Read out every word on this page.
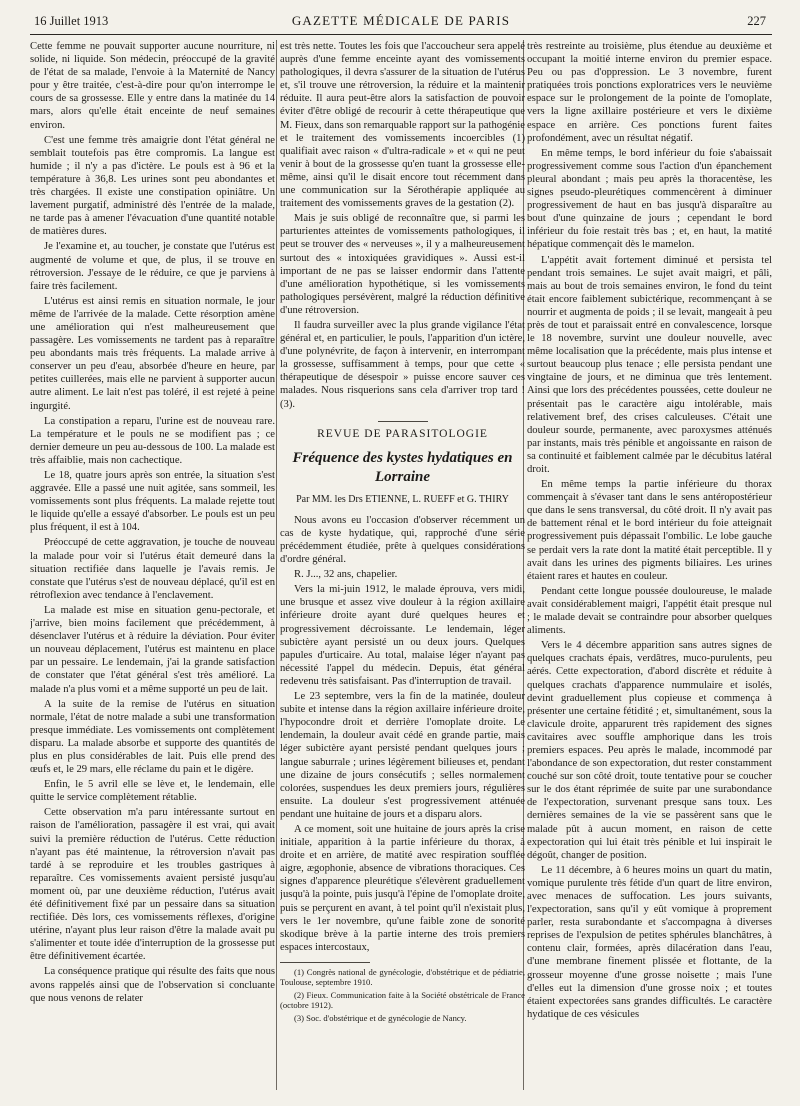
16 Juillet 1913	GAZETTE MÉDICALE DE PARIS	227

Cette femme ne pouvait supporter aucune nourriture, ni solide, ni liquide. Son médecin, préoccupé de la gravité de l'état de sa malade, l'envoie à la Maternité de Nancy pour y être traitée, c'est-à-dire pour qu'on interrompe le cours de sa grossesse. Elle y entre dans la matinée du 14 mars, alors qu'elle était enceinte de neuf semaines environ.

C'est une femme très amaigrie dont l'état général ne semblait toutefois pas être compromis. La langue est humide ; il n'y a pas d'ictère. Le pouls est à 96 et la température à 36,8. Les urines sont peu abondantes et très chargées. Il existe une constipation opiniâtre. Un lavement purgatif, administré dès l'entrée de la malade, ne tarde pas à amener l'évacuation d'une quantité notable de matières dures.

Je l'examine et, au toucher, je constate que l'utérus est augmenté de volume et que, de plus, il se trouve en rétroversion. J'essaye de le réduire, ce que je parviens à faire très facilement.

L'utérus est ainsi remis en situation normale, le jour même de l'arrivée de la malade. Cette résorption amène une amélioration qui n'est malheureusement que passagère. Les vomissements ne tardent pas à reparaître peu abondants mais très fréquents. La malade arrive à conserver un peu d'eau, absorbée d'heure en heure, par petites cuillerées, mais elle ne parvient à supporter aucun autre aliment. Le lait n'est pas toléré, il est rejeté à peine ingurgité.

La constipation a reparu, l'urine est de nouveau rare. La température et le pouls ne se modifient pas ; ce dernier demeure un peu au-dessous de 100. La malade est très affaiblie, mais non cachectique.

Le 18, quatre jours après son entrée, la situation s'est aggravée. Elle a passé une nuit agitée, sans sommeil, les vomissements sont plus fréquents. La malade rejette tout le liquide qu'elle a essayé d'absorber. Le pouls est un peu plus fréquent, il est à 104.

Préoccupé de cette aggravation, je touche de nouveau la malade pour voir si l'utérus était demeuré dans la situation rectifiée dans laquelle je l'avais remis. Je constate que l'utérus s'est de nouveau déplacé, qu'il est en rétroflexion avec tendance à l'enclavement.

La malade est mise en situation genu-pectorale, et j'arrive, bien moins facilement que précédemment, à désenclaver l'utérus et à réduire la déviation. Pour éviter un nouveau déplacement, l'utérus est maintenu en place par un pessaire. Le lendemain, j'ai la grande satisfaction de constater que l'état général s'est très amélioré. La malade n'a plus vomi et a même supporté un peu de lait.

A la suite de la remise de l'utérus en situation normale, l'état de notre malade a subi une transformation presque immédiate. Les vomissements ont complètement disparu. La malade absorbe et supporte des quantités de plus en plus considérables de lait. Puis elle prend des œufs et, le 29 mars, elle réclame du pain et le digère.

Enfin, le 5 avril elle se lève et, le lendemain, elle quitte le service complètement rétablie.

Cette observation m'a paru intéressante surtout en raison de l'amélioration, passagère il est vrai, qui avait suivi la première réduction de l'utérus. Cette réduction n'ayant pas été maintenue, la rétroversion n'avait pas tardé à se reproduire et les troubles gastriques à reparaître. Ces vomissements avaient persisté jusqu'au moment où, par une deuxième réduction, l'utérus avait été définitivement fixé par un pessaire dans sa situation rectifiée. Dès lors, ces vomissements réflexes, d'origine utérine, n'ayant plus leur raison d'être la malade avait pu s'alimenter et toute idée d'interruption de la grossesse put être définitivement écartée.

La conséquence pratique qui résulte des faits que nous avons rappelés ainsi que de l'observation si concluante que nous venons de relater

est très nette. Toutes les fois que l'accoucheur sera appelé auprès d'une femme enceinte ayant des vomissements pathologiques, il devra s'assurer de la situation de l'utérus et, s'il trouve une rétroversion, la réduire et la maintenir réduite. Il aura peut-être alors la satisfaction de pouvoir éviter d'être obligé de recourir à cette thérapeutique que M. Fieux, dans son remarquable rapport sur la pathogénie et le traitement des vomissements incoercibles (1) qualifiait avec raison « d'ultra-radicale » et « qui ne peut venir à bout de la grossesse qu'en tuant la grossesse elle-même, ainsi qu'il le disait encore tout récemment dans une communication sur la Sérothérapie appliquée au traitement des vomissements graves de la gestation (2).

Mais je suis obligé de reconnaître que, si parmi les parturientes atteintes de vomissements pathologiques, il peut se trouver des « nerveuses », il y a malheureusement surtout des « intoxiquées gravidiques ». Aussi est-il important de ne pas se laisser endormir dans l'attente d'une amélioration hypothétique, si les vomissements pathologiques persévèrent, malgré la réduction définitive d'une rétroversion.

Il faudra surveiller avec la plus grande vigilance l'état général et, en particulier, le pouls, l'apparition d'un ictère, d'une polynévrite, de façon à intervenir, en interrompant la grossesse, suffisamment à temps, pour que cette « thérapeutique de désespoir » puisse encore sauver ces malades. Nous risquerions sans cela d'arriver trop tard ! (3).

REVUE DE PARASITOLOGIE
Fréquence des kystes hydatiques en Lorraine
Par MM. les Drs ETIENNE, L. RUEFF et G. THIRY

Nous avons eu l'occasion d'observer récemment un cas de kyste hydatique, qui, rapproché d'une série précédemment étudiée, prête à quelques considérations d'ordre général.

R. J..., 32 ans, chapelier.

Vers la mi-juin 1912, le malade éprouva, vers midi, une brusque et assez vive douleur à la région axillaire inférieure droite ayant duré quelques heures et progressivement décroissante. Le lendemain, léger subictère ayant persisté un ou deux jours. Quelques papules d'urticaire. Au total, malaise léger n'ayant pas nécessité l'appel du médecin. Depuis, état général redevenu très satisfaisant. Pas d'interruption de travail.

Le 23 septembre, vers la fin de la matinée, douleur subite et intense dans la région axillaire inférieure droite, l'hypocondre droit et derrière l'omoplate droite. Le lendemain, la douleur avait cédé en grande partie, mais léger subictère ayant persisté pendant quelques jours ; langue saburrale ; urines légèrement bilieuses et, pendant une dizaine de jours consécutifs ; selles normalement colorées, suspendues les deux premiers jours, régulières ensuite. La douleur s'est progressivement atténuée pendant une huitaine de jours et a disparu alors.

A ce moment, soit une huitaine de jours après la crise initiale, apparition à la partie inférieure du thorax, à droite et en arrière, de matité avec respiration soufflée aigre, ægophonie, absence de vibrations thoraciques. Ces signes d'apparence pleurétique s'élevèrent graduellement jusqu'à la pointe, puis jusqu'à l'épine de l'omoplate droite, puis se perçurent en avant, à tel point qu'il n'existait plus, vers le 1er novembre, qu'une faible zone de sonorité skodique brève à la partie interne des trois premiers espaces intercostaux,

(1) Congrès national de gynécologie, d'obstétrique et de pédiatrie, Toulouse, septembre 1910.

(2) Fieux. Communication faite à la Société obstétricale de France (octobre 1912).

(3) Soc. d'obstétrique et de gynécologie de Nancy.

très restreinte au troisième, plus étendue au deuxième et occupant la moitié interne environ du premier espace. Peu ou pas d'oppression. Le 3 novembre, furent pratiquées trois ponctions exploratrices vers le neuvième espace sur le prolongement de la pointe de l'omoplate, vers la ligne axillaire postérieure et vers le dixième espace en arrière. Ces ponctions furent faites profondément, avec un résultat négatif.

En même temps, le bord inférieur du foie s'abaissait progressivement comme sous l'action d'un épanchement pleural abondant ; mais peu après la thoracentèse, les signes pseudo-pleurétiques commencèrent à diminuer progressivement de haut en bas jusqu'à disparaître au bout d'une quinzaine de jours ; cependant le bord inférieur du foie restait très bas ; et, en haut, la matité hépatique commençait dès le mamelon.

L'appétit avait fortement diminué et persista tel pendant trois semaines. Le sujet avait maigri, et pâli, mais au bout de trois semaines environ, le fond du teint était encore faiblement subictérique, recommençant à se nourrir et augmenta de poids ; il se levait, mangeait à peu près de tout et paraissait entré en convalescence, lorsque le 18 novembre, survint une douleur nouvelle, avec même localisation que la précédente, mais plus intense et surtout beaucoup plus tenace ; elle persista pendant une vingtaine de jours, et ne diminua que très lentement. Ainsi que lors des précédentes poussées, cette douleur ne présentait pas le caractère aigu intolérable, mais relativement bref, des crises calculeuses. C'était une douleur sourde, permanente, avec paroxysmes atténués par instants, mais très pénible et angoissante en raison de sa continuité et faiblement calmée par le décubitus latéral droit.

En même temps la partie inférieure du thorax commençait à s'évaser tant dans le sens antéropostérieur que dans le sens transversal, du côté droit. Il n'y avait pas de battement rénal et le bord intérieur du foie atteignait progressivement puis dépassait l'ombilic. Le lobe gauche se perdait vers la rate dont la matité était perceptible. Il y avait dans les urines des pigments biliaires. Les urines étaient rares et hautes en couleur.

Pendant cette longue poussée douloureuse, le malade avait considérablement maigri, l'appétit était presque nul ; le malade devait se contraindre pour absorber quelques aliments.

Vers le 4 décembre apparition sans autres signes de quelques crachats épais, verdâtres, muco-purulents, peu aérés. Cette expectoration, d'abord discrète et réduite à quelques crachats d'apparence nummulaire et isolés, devint graduellement plus copieuse et commença à présenter une certaine fétidité ; et, simultanément, sous la clavicule droite, apparurent très rapidement des signes cavitaires avec souffle amphorique dans les trois premiers espaces. Peu après le malade, incommodé par l'abondance de son expectoration, dut rester constamment couché sur son côté droit, toute tentative pour se coucher sur le dos étant réprimée de suite par une surabondance de l'expectoration, survenant presque sans toux. Les dernières semaines de la vie se passèrent sans que le malade pût à aucun moment, en raison de cette expectoration qui lui était très pénible et lui inspirait le dégoût, changer de position.

Le 11 décembre, à 6 heures moins un quart du matin, vomique purulente très fétide d'un quart de litre environ, avec menaces de suffocation. Les jours suivants, l'expectoration, sans qu'il y eût vomique à proprement parler, resta surabondante et s'accompagna à diverses reprises de l'expulsion de petites sphérules blanchâtres, à contenu clair, formées, après dilacération dans l'eau, d'une membrane finement plissée et flottante, de la grosseur moyenne d'une grosse noisette ; mais l'une d'elles eut la dimension d'une grosse noix ; et toutes étaient expectorées sans grandes difficultés. Le caractère hydatique de ces vésicules
